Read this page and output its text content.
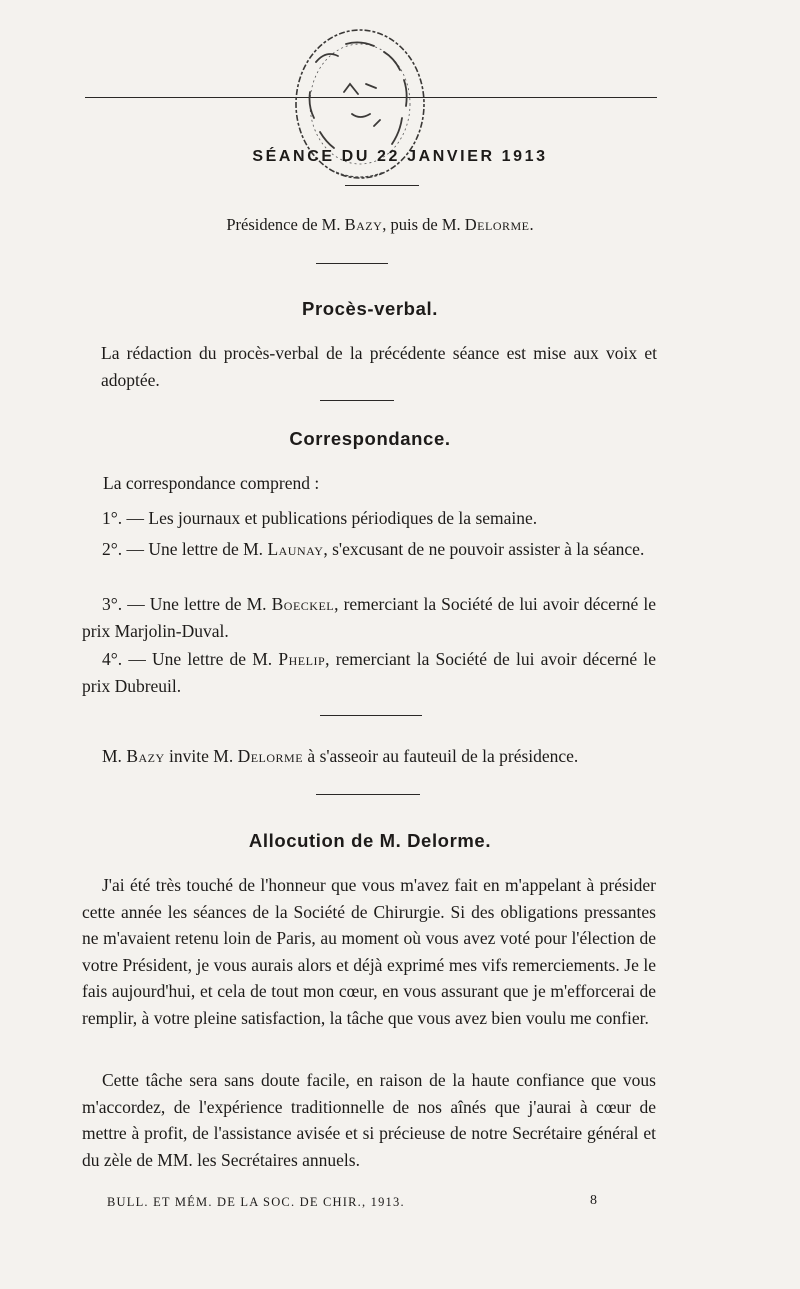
SÉANCE DU 22 JANVIER 1913
Présidence de M. Bazy, puis de M. Delorme.
Procès-verbal.
La rédaction du procès-verbal de la précédente séance est mise aux voix et adoptée.
Correspondance.
La correspondance comprend :
1°. — Les journaux et publications périodiques de la semaine.
2°. — Une lettre de M. Launay, s'excusant de ne pouvoir assister à la séance.
3°. — Une lettre de M. Boeckel, remerciant la Société de lui avoir décerné le prix Marjolin-Duval.
4°. — Une lettre de M. Phelip, remerciant la Société de lui avoir décerné le prix Dubreuil.
M. Bazy invite M. Delorme à s'asseoir au fauteuil de la présidence.
Allocution de M. Delorme.
J'ai été très touché de l'honneur que vous m'avez fait en m'appelant à présider cette année les séances de la Société de Chirurgie. Si des obligations pressantes ne m'avaient retenu loin de Paris, au moment où vous avez voté pour l'élection de votre Président, je vous aurais alors et déjà exprimé mes vifs remerciements. Je le fais aujourd'hui, et cela de tout mon cœur, en vous assurant que je m'efforcerai de remplir, à votre pleine satisfaction, la tâche que vous avez bien voulu me confier.
Cette tâche sera sans doute facile, en raison de la haute confiance que vous m'accordez, de l'expérience traditionnelle de nos aînés que j'aurai à cœur de mettre à profit, de l'assistance avisée et si précieuse de notre Secrétaire général et du zèle de MM. les Secrétaires annuels.
BULL. ET MÉM. DE LA SOC. DE CHIR., 1913.	8
